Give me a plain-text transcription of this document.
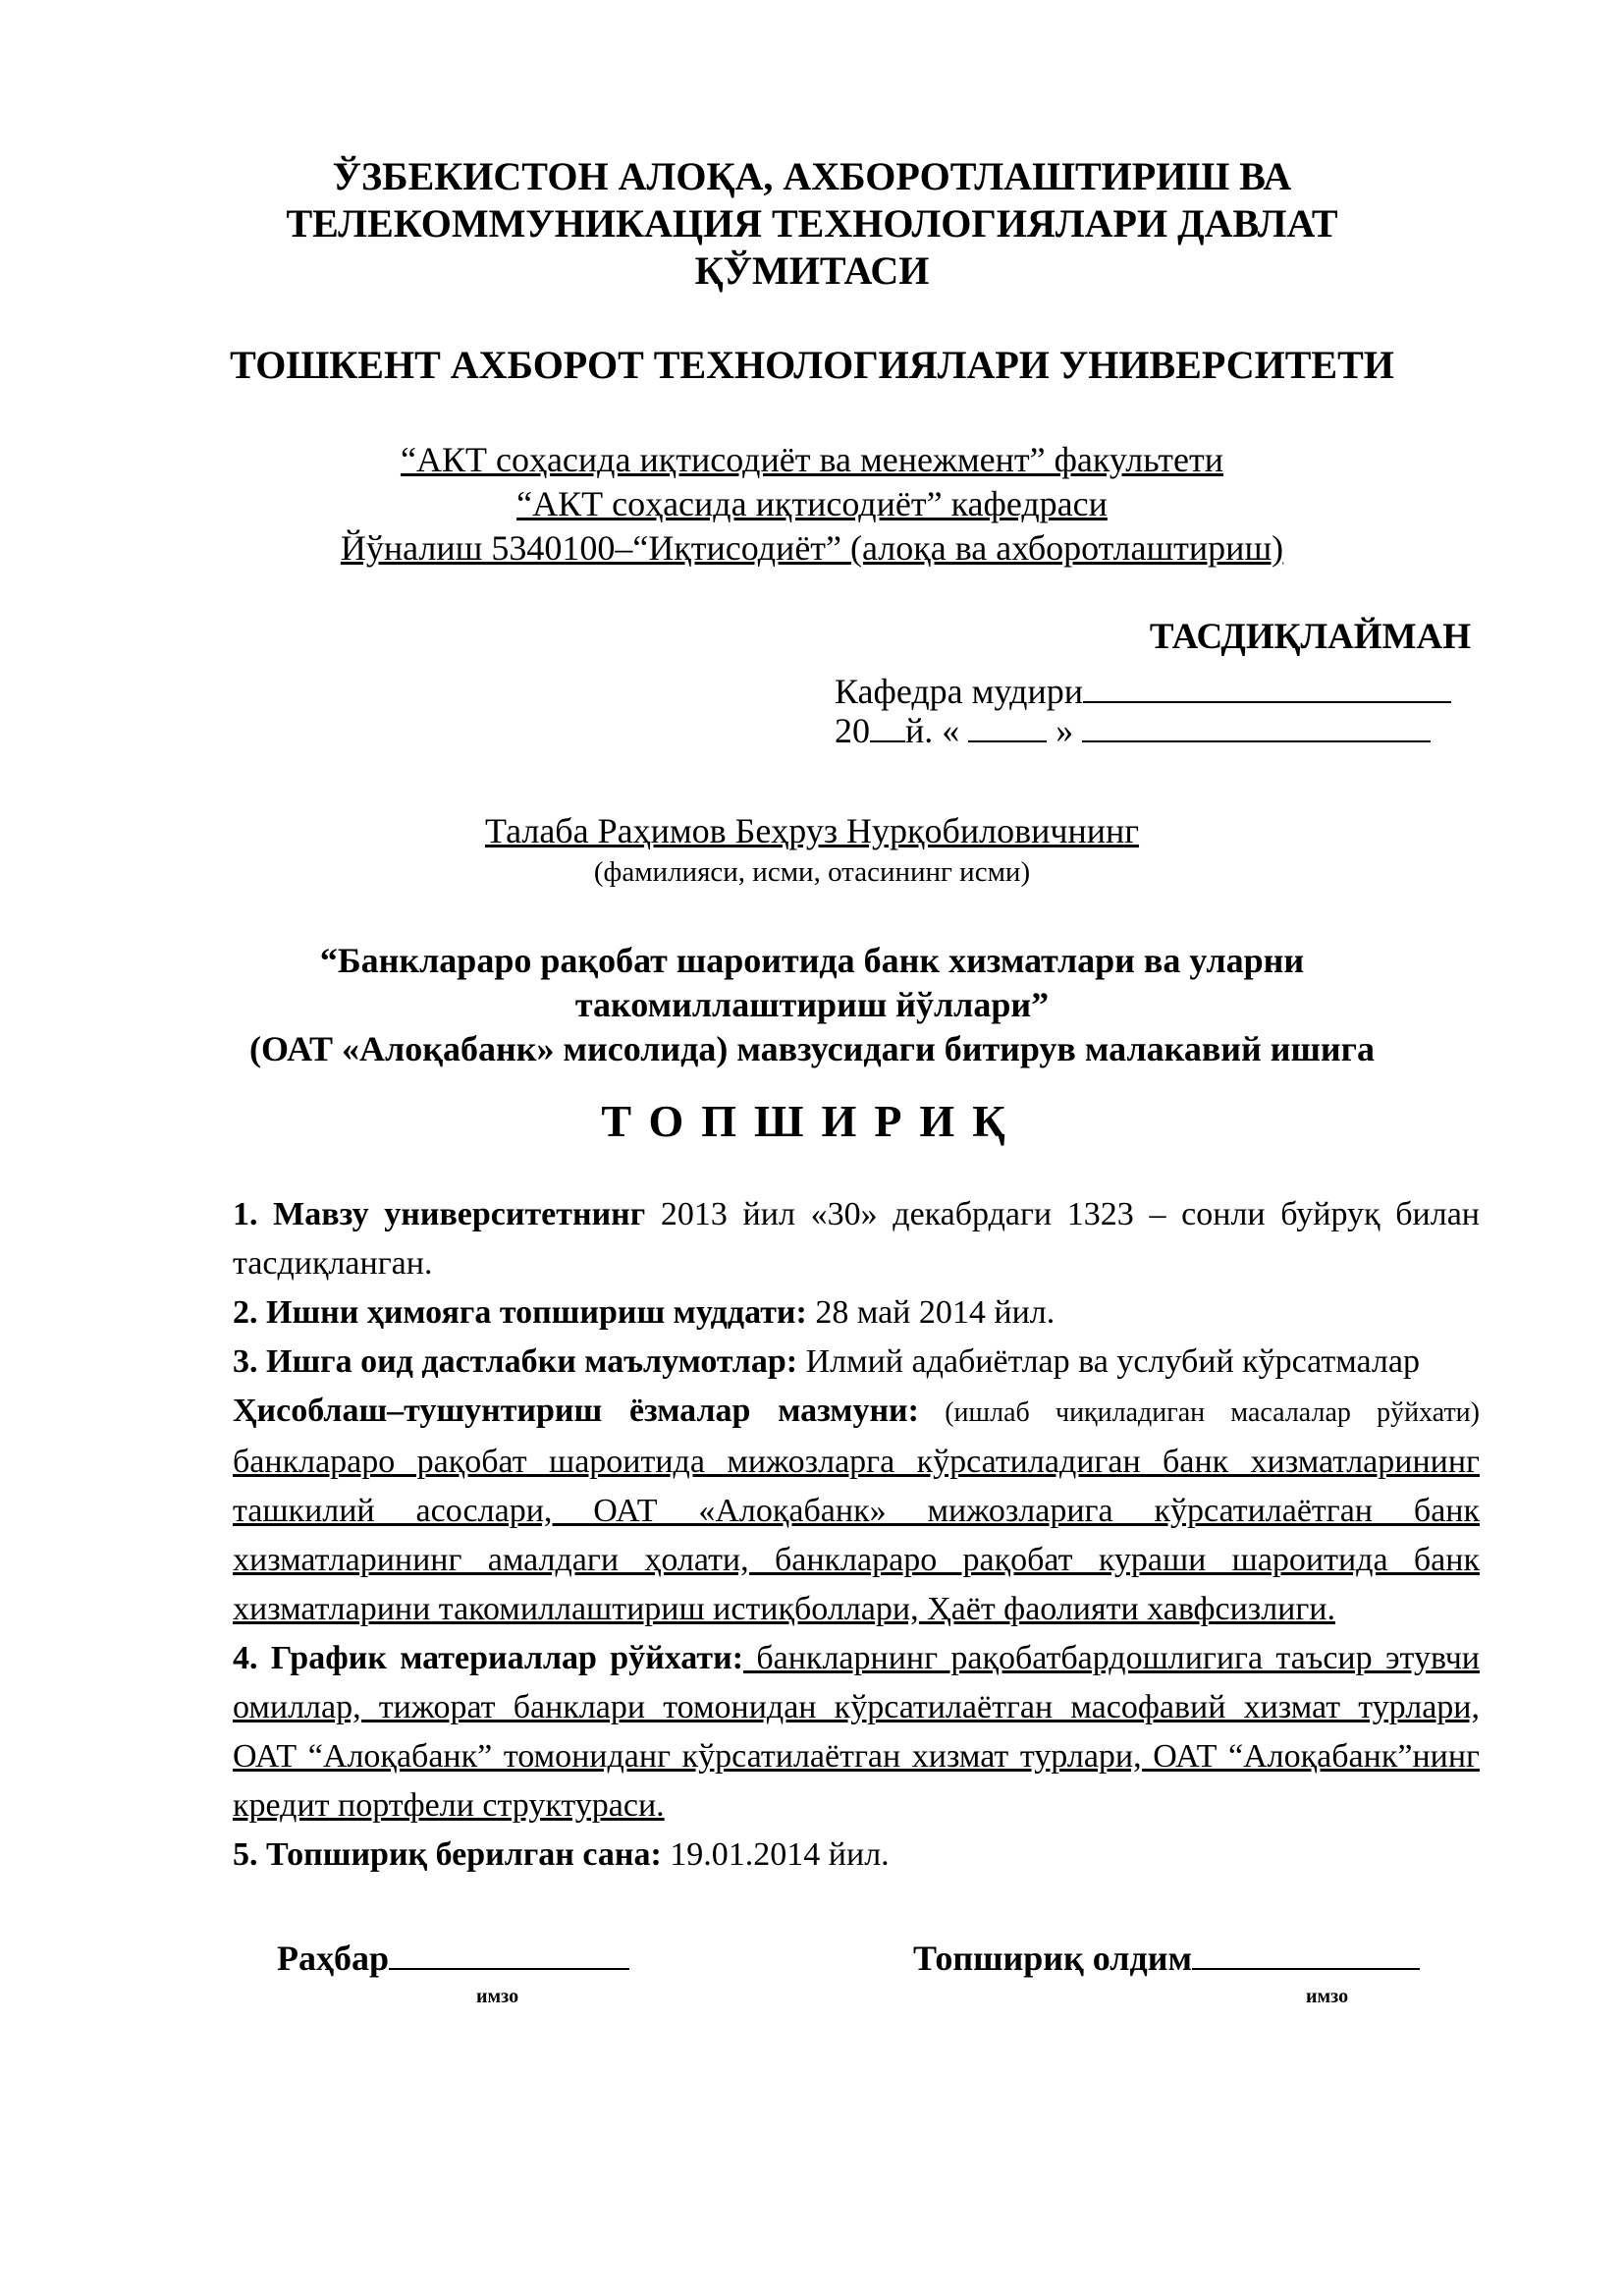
ЎЗБЕКИСТОН АЛОҚА, АХБОРОТЛАШТИРИШ ВА
ТЕЛЕКОММУНИКАЦИЯ ТЕХНОЛОГИЯЛАРИ ДАВЛАТ
ҚЎМИТАСИ
ТОШКЕНТ АХБОРОТ ТЕХНОЛОГИЯЛАРИ УНИВЕРСИТЕТИ
“АКТ соҳасида иқтисодиёт ва менежмент” факультети
“АКТ соҳасида иқтисодиёт” кафедраси
Йўналиш 5340100–“Иқтисодиёт” (алоқа ва ахборотлаштириш)
ТАСДИҚЛАЙМАН
Кафедра мудири
20 й. «	»
Талаба Раҳимов Беҳруз Нурқобиловичнинг
(фамилияси, исми, отасининг исми)
“Банклараро рақобат шароитида банк хизматлари ва уларни
такомиллаштириш йўллари”
(ОАТ «Алоқабанк» мисолида) мавзусидаги битирув малакавий ишига
ТОПШИРИҚ
1. Мавзу университетнинг 2013 йил «30» декабрдаги 1323 – сонли буйруқ билан тасдиқланган.
2. Ишни ҳимояга топшириш муддати: 28 май 2014 йил.
3. Ишга оид дастлабки маълумотлар: Илмий адабиётлар ва услубий кўрсатмалар
Ҳисоблаш–тушунтириш ёзмалар мазмуни: (ишлаб чиқиладиган масалалар рўйхати) банклараро рақобат шароитида мижозларга кўрсатиладиган банк хизматларининг ташкилий асослари, ОАТ «Алоқабанк» мижозларига кўрсатилаётган банк хизматларининг амалдаги ҳолати, банклараро рақобат кураши шароитида банк хизматларини такомиллаштириш истиқболлари, Ҳаёт фаолияти хавфсизлиги.
4. График материаллар рўйхати: банкларнинг рақобатбардошлигига таъсир этувчи омиллар, тижорат банклари томонидан кўрсатилаётган масофавий хизмат турлари, ОАТ “Алоқабанк” томониданг кўрсатилаётган хизмат турлари, ОАТ “Алоқабанк”нинг кредит портфели структураси.
5. Топшириқ берилган сана: 19.01.2014 йил.
Раҳбар	Топшириқ олдим
имзо	имзо
